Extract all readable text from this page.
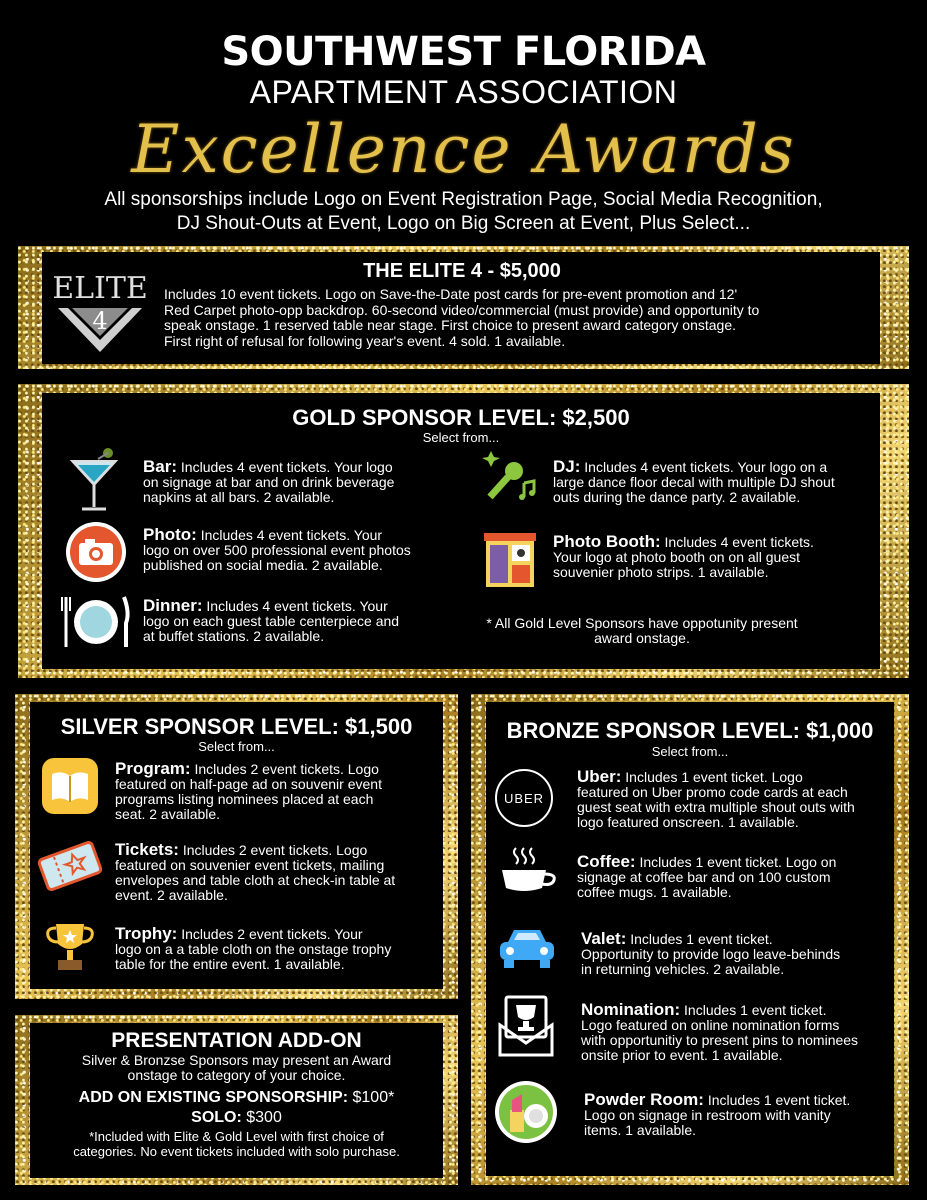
SOUTHWEST FLORIDA
APARTMENT ASSOCIATION
Excellence Awards
All sponsorships include Logo on Event Registration Page, Social Media Recognition,
DJ Shout-Outs at Event, Logo on Big Screen at Event, Plus Select...
ELITE
4
THE ELITE 4 - $5,000
Includes 10 event tickets. Logo on Save-the-Date post cards for pre-event promotion and 12'
Red Carpet photo-opp backdrop. 60-second video/commercial (must provide) and opportunity to
speak onstage. 1 reserved table near stage. First choice to present award category onstage.
First right of refusal for following year's event. 4 sold. 1 available.
GOLD SPONSOR LEVEL: $2,500
Select from...
Bar: Includes 4 event tickets. Your logo
on signage at bar and on drink beverage
napkins at all bars. 2 available.
Photo: Includes 4 event tickets. Your
logo on over 500 professional event photos
published on social media. 2 available.
Dinner: Includes 4 event tickets. Your
logo on each guest table centerpiece and
at buffet stations. 2 available.
DJ: Includes 4 event tickets. Your logo on a
large dance floor decal with multiple DJ shout
outs during the dance party. 2 available.
Photo Booth: Includes 4 event tickets.
Your logo at photo booth on on all guest
souvenier photo strips. 1 available.
* All Gold Level Sponsors have oppotunity present
award onstage.
SILVER SPONSOR LEVEL: $1,500
Select from...
Program: Includes 2 event tickets. Logo
featured on half-page ad on souvenir event
programs listing nominees placed at each
seat. 2 available.
Tickets: Includes 2 event tickets. Logo
featured on souvenier event tickets, mailing
envelopes and table cloth at check-in table at
event. 2 available.
Trophy: Includes 2 event tickets. Your
logo on a a table cloth on the onstage trophy
table for the entire event. 1 available.
PRESENTATION ADD-ON
Silver & Bronzse Sponsors may present an Award
onstage to category of your choice.
ADD ON EXISTING SPONSORSHIP: $100*
SOLO: $300
*Included with Elite & Gold Level with first choice of
categories. No event tickets included with solo purchase.
BRONZE SPONSOR LEVEL: $1,000
Select from...
UBER
Uber: Includes 1 event ticket. Logo
featured on Uber promo code cards at each
guest seat with extra multiple shout outs with
logo featured onscreen. 1 available.
Coffee: Includes 1 event ticket. Logo on
signage at coffee bar and on 100 custom
coffee mugs. 1 available.
Valet: Includes 1 event ticket.
Opportunity to provide logo leave-behinds
in returning vehicles. 2 available.
Nomination: Includes 1 event ticket.
Logo featured on online nomination forms
with opportunitiy to present pins to nominees
onsite prior to event. 1 available.
Powder Room: Includes 1 event ticket.
Logo on signage in restroom with vanity
items. 1 available.
